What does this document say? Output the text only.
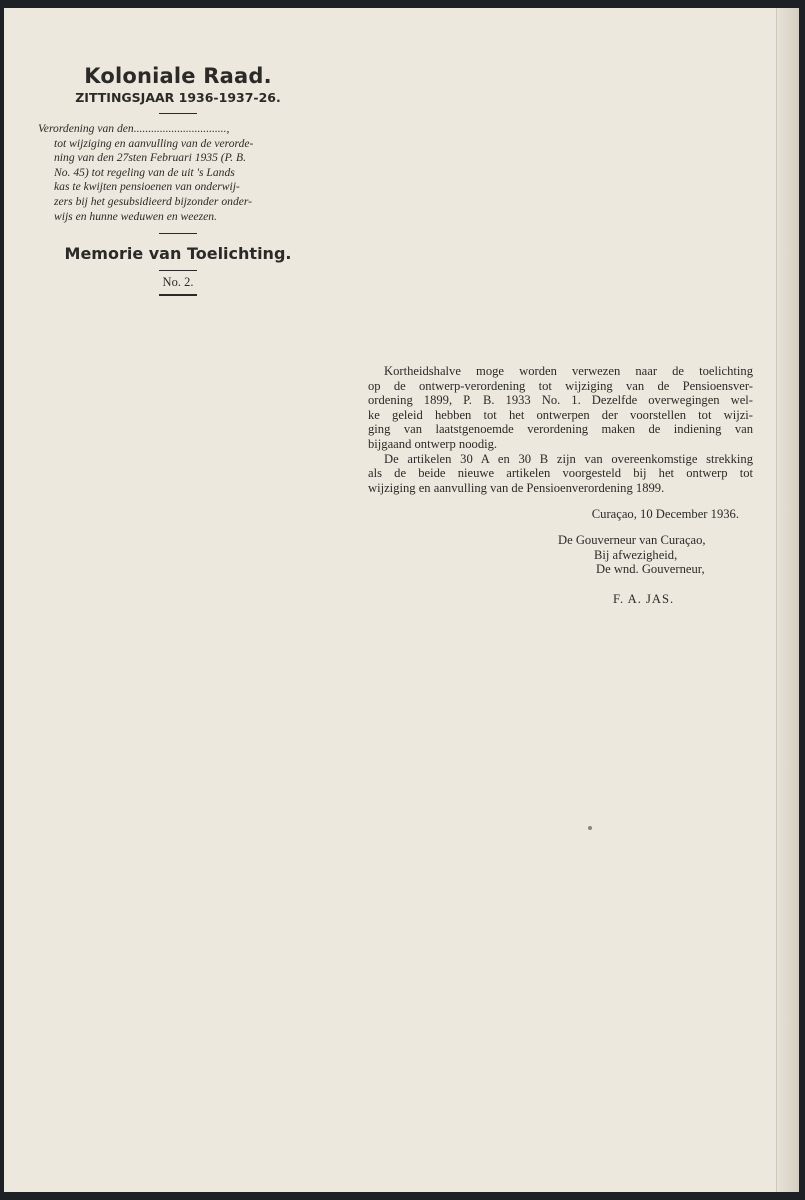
Koloniale Raad.
ZITTINGSJAAR 1936-1937-26.
Verordening van den................................,
tot wijziging en aanvulling van de verorde-
ning van den 27sten Februari 1935 (P. B.
No. 45) tot regeling van de uit 's Lands
kas te kwijten pensioenen van onderwij-
zers bij het gesubsidieerd bijzonder onder-
wijs en hunne weduwen en weezen.
Memorie van Toelichting.
No. 2.
Kortheidshalve moge worden verwezen naar de toelichting
op de ontwerp-verordening tot wijziging van de Pensioensver-
ordening 1899, P. B. 1933 No. 1. Dezelfde overwegingen wel-
ke geleid hebben tot het ontwerpen der voorstellen tot wijzi-
ging van laatstgenoemde verordening maken de indiening van
bijgaand ontwerp noodig.
De artikelen 30 A en 30 B zijn van overeenkomstige strekking
als de beide nieuwe artikelen voorgesteld bij het ontwerp tot
wijziging en aanvulling van de Pensioenverordening 1899.
Curaçao, 10 December 1936.
De Gouverneur van Curaçao,
Bij afwezigheid,
De wnd. Gouverneur,
F. A. JAS.
